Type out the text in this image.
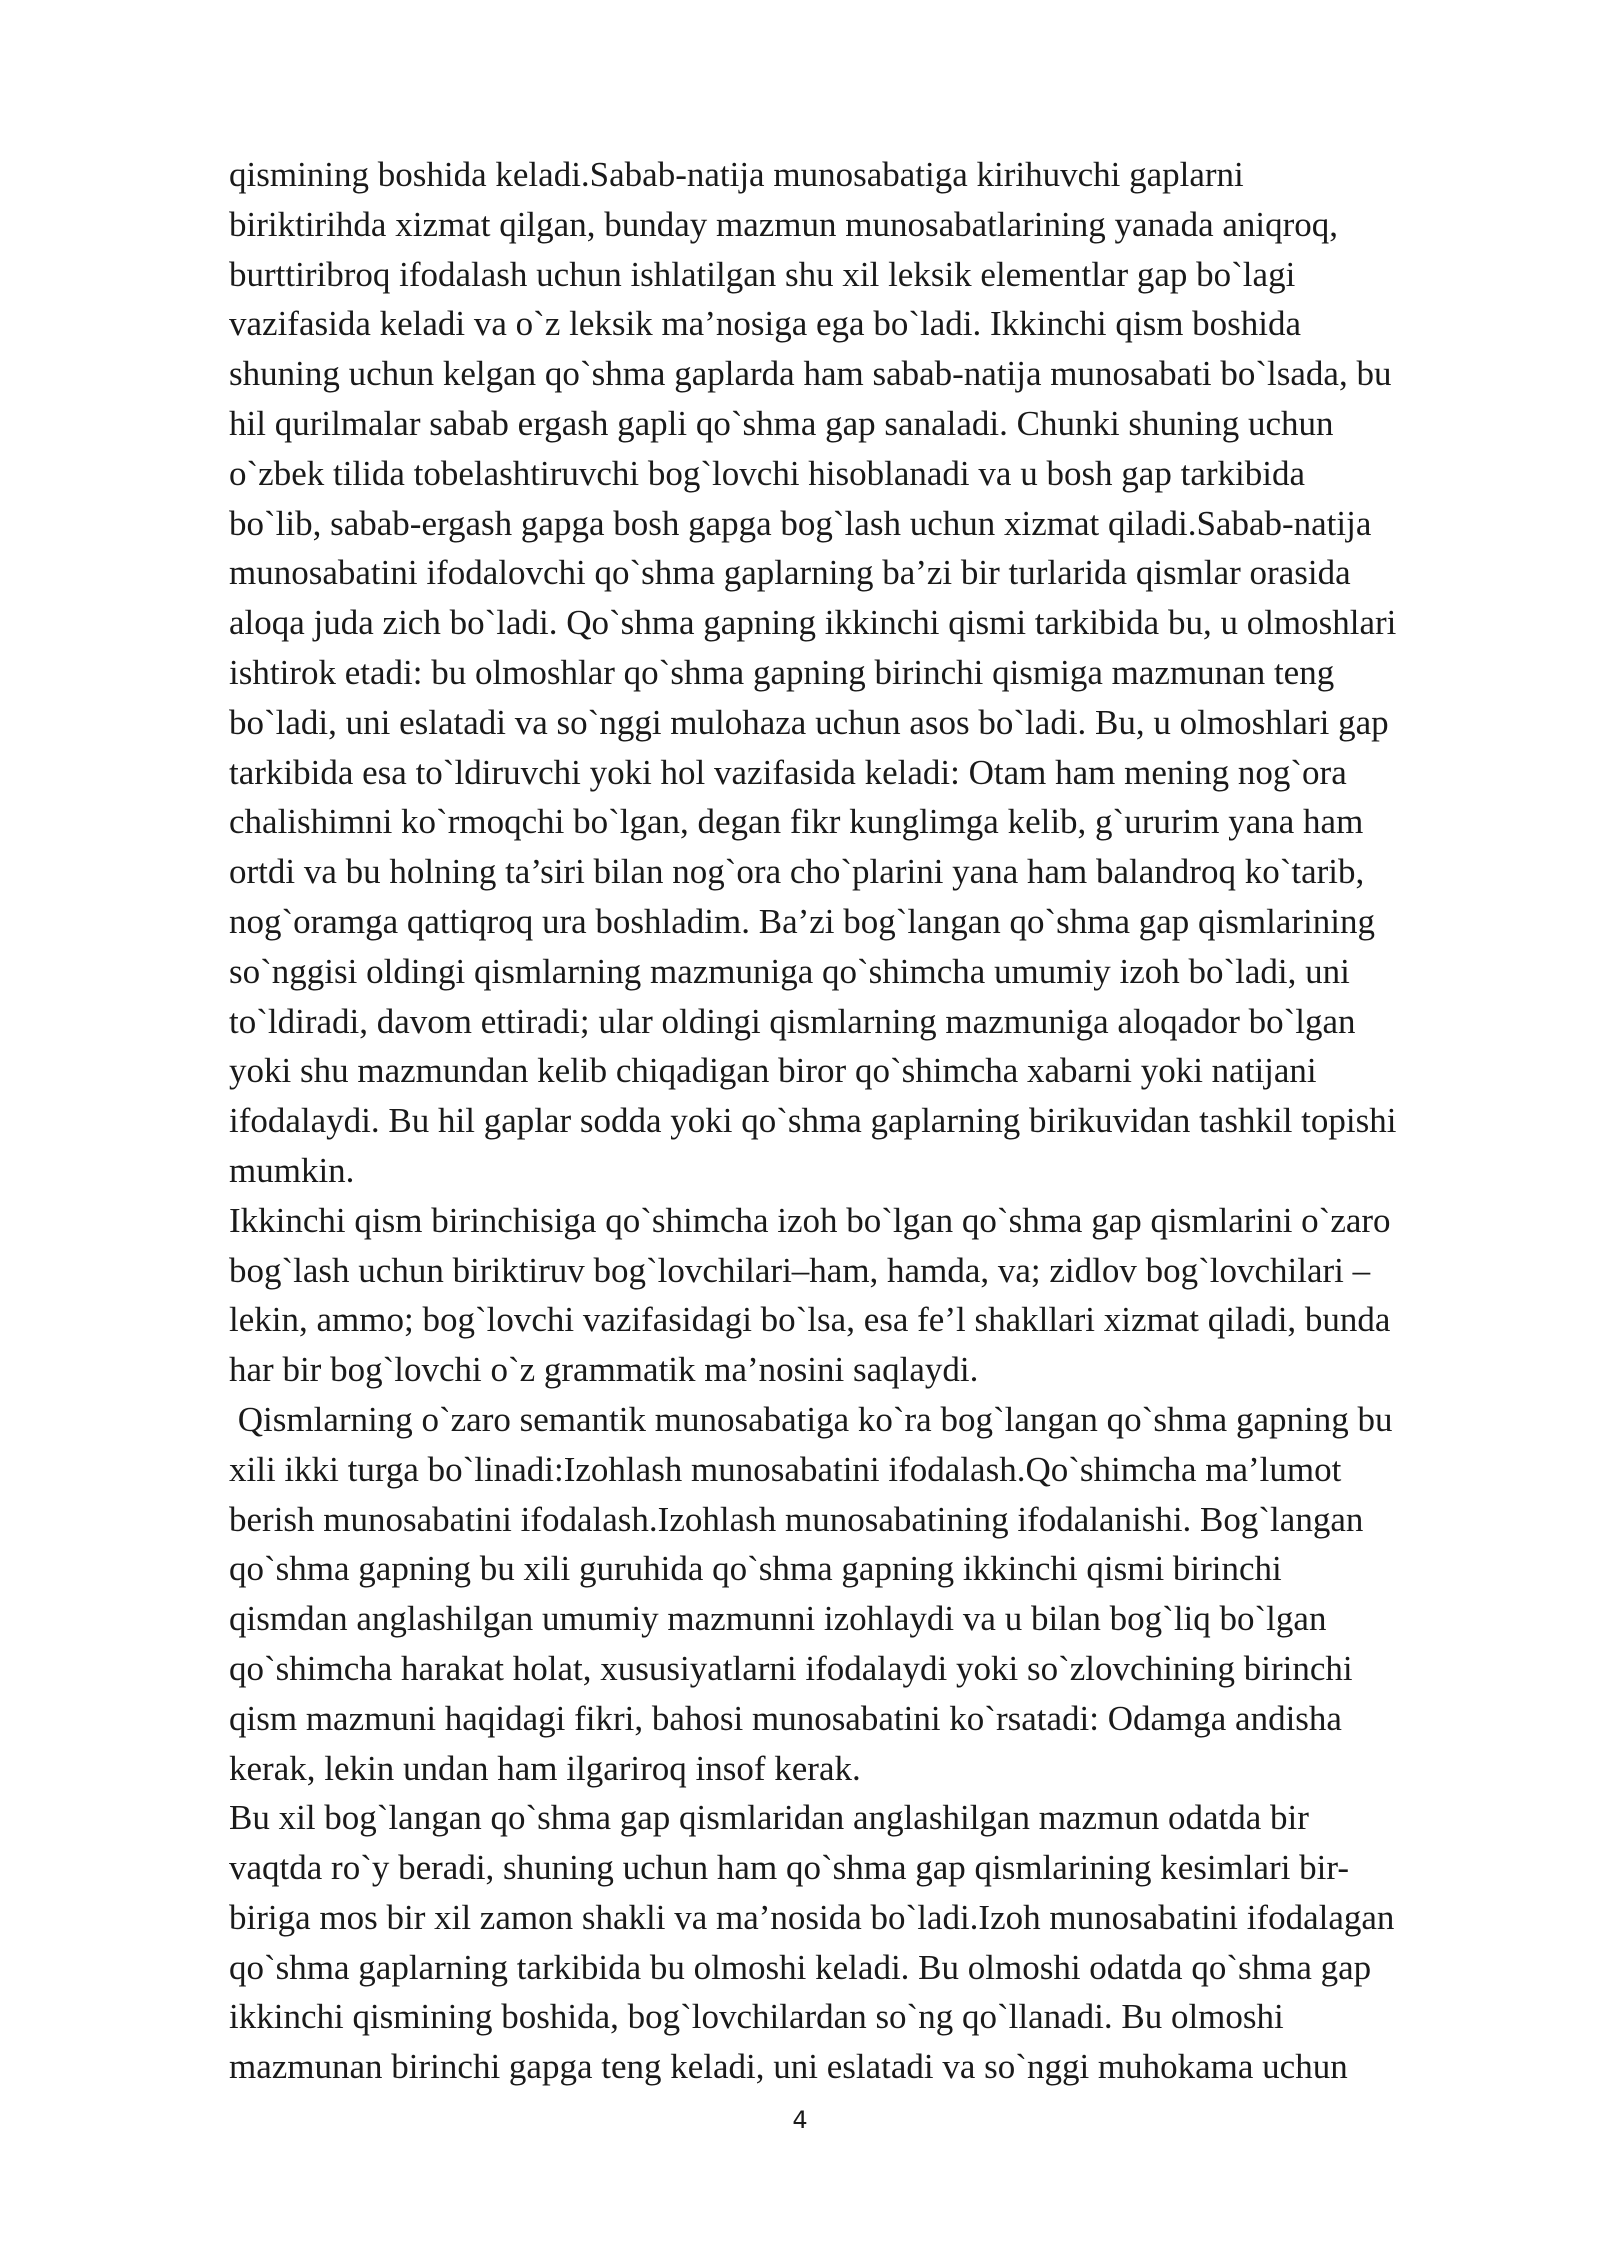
qismining boshida keladi.Sabab-natija munosabatiga kirihuvchi gaplarni
biriktirihda xizmat qilgan, bunday mazmun munosabatlarining yanada aniqroq,
burttiribroq ifodalash uchun ishlatilgan shu xil leksik elementlar gap bo`lagi
vazifasida keladi va o`z leksik ma’nosiga ega bo`ladi. Ikkinchi qism boshida
shuning uchun kelgan qo`shma gaplarda ham sabab-natija munosabati bo`lsada, bu
hil qurilmalar sabab ergash gapli qo`shma gap sanaladi. Chunki shuning uchun
o`zbek tilida tobelashtiruvchi bog`lovchi hisoblanadi va u bosh gap tarkibida
bo`lib, sabab-ergash gapga bosh gapga bog`lash uchun xizmat qiladi.Sabab-natija
munosabatini ifodalovchi qo`shma gaplarning ba’zi bir turlarida qismlar orasida
aloqa juda zich bo`ladi. Qo`shma gapning ikkinchi qismi tarkibida bu, u olmoshlari
ishtirok etadi: bu olmoshlar qo`shma gapning birinchi qismiga mazmunan teng
bo`ladi, uni eslatadi va so`nggi mulohaza uchun asos bo`ladi. Bu, u olmoshlari gap
tarkibida esa to`ldiruvchi yoki hol vazifasida keladi: Otam ham mening nog`ora
chalishimni ko`rmoqchi bo`lgan, degan fikr kunglimga kelib, g`ururim yana ham
ortdi va bu holning ta’siri bilan nog`ora cho`plarini yana ham balandroq ko`tarib,
nog`oramga qattiqroq ura boshladim. Ba’zi bog`langan qo`shma gap qismlarining
so`nggisi oldingi qismlarning mazmuniga qo`shimcha umumiy izoh bo`ladi, uni
to`ldiradi, davom ettiradi; ular oldingi qismlarning mazmuniga aloqador bo`lgan
yoki shu mazmundan kelib chiqadigan biror qo`shimcha xabarni yoki natijani
ifodalaydi. Bu hil gaplar sodda yoki qo`shma gaplarning birikuvidan tashkil topishi
mumkin.
Ikkinchi qism birinchisiga qo`shimcha izoh bo`lgan qo`shma gap qismlarini o`zaro
bog`lash uchun biriktiruv bog`lovchilari–ham, hamda, va; zidlov bog`lovchilari –
lekin, ammo; bog`lovchi vazifasidagi bo`lsa, esa fe’l shakllari xizmat qiladi, bunda
har bir bog`lovchi o`z grammatik ma’nosini saqlaydi.
Qismlarning o`zaro semantik munosabatiga ko`ra bog`langan qo`shma gapning bu
xili ikki turga bo`linadi:Izohlash munosabatini ifodalash.Qo`shimcha ma’lumot
berish munosabatini ifodalash.Izohlash munosabatining ifodalanishi. Bog`langan
qo`shma gapning bu xili guruhida qo`shma gapning ikkinchi qismi birinchi
qismdan anglashilgan umumiy mazmunni izohlaydi va u bilan bog`liq bo`lgan
qo`shimcha harakat holat, xususiyatlarni ifodalaydi yoki so`zlovchining birinchi
qism mazmuni haqidagi fikri, bahosi munosabatini ko`rsatadi: Odamga andisha
kerak, lekin undan ham ilgariroq insof kerak.
Bu xil bog`langan qo`shma gap qismlaridan anglashilgan mazmun odatda bir
vaqtda ro`y beradi, shuning uchun ham qo`shma gap qismlarining kesimlari bir-
biriga mos bir xil zamon shakli va ma’nosida bo`ladi.Izoh munosabatini ifodalagan
qo`shma gaplarning tarkibida bu olmoshi keladi. Bu olmoshi odatda qo`shma gap
ikkinchi qismining boshida, bog`lovchilardan so`ng qo`llanadi. Bu olmoshi
mazmunan birinchi gapga teng keladi, uni eslatadi va so`nggi muhokama uchun
4
